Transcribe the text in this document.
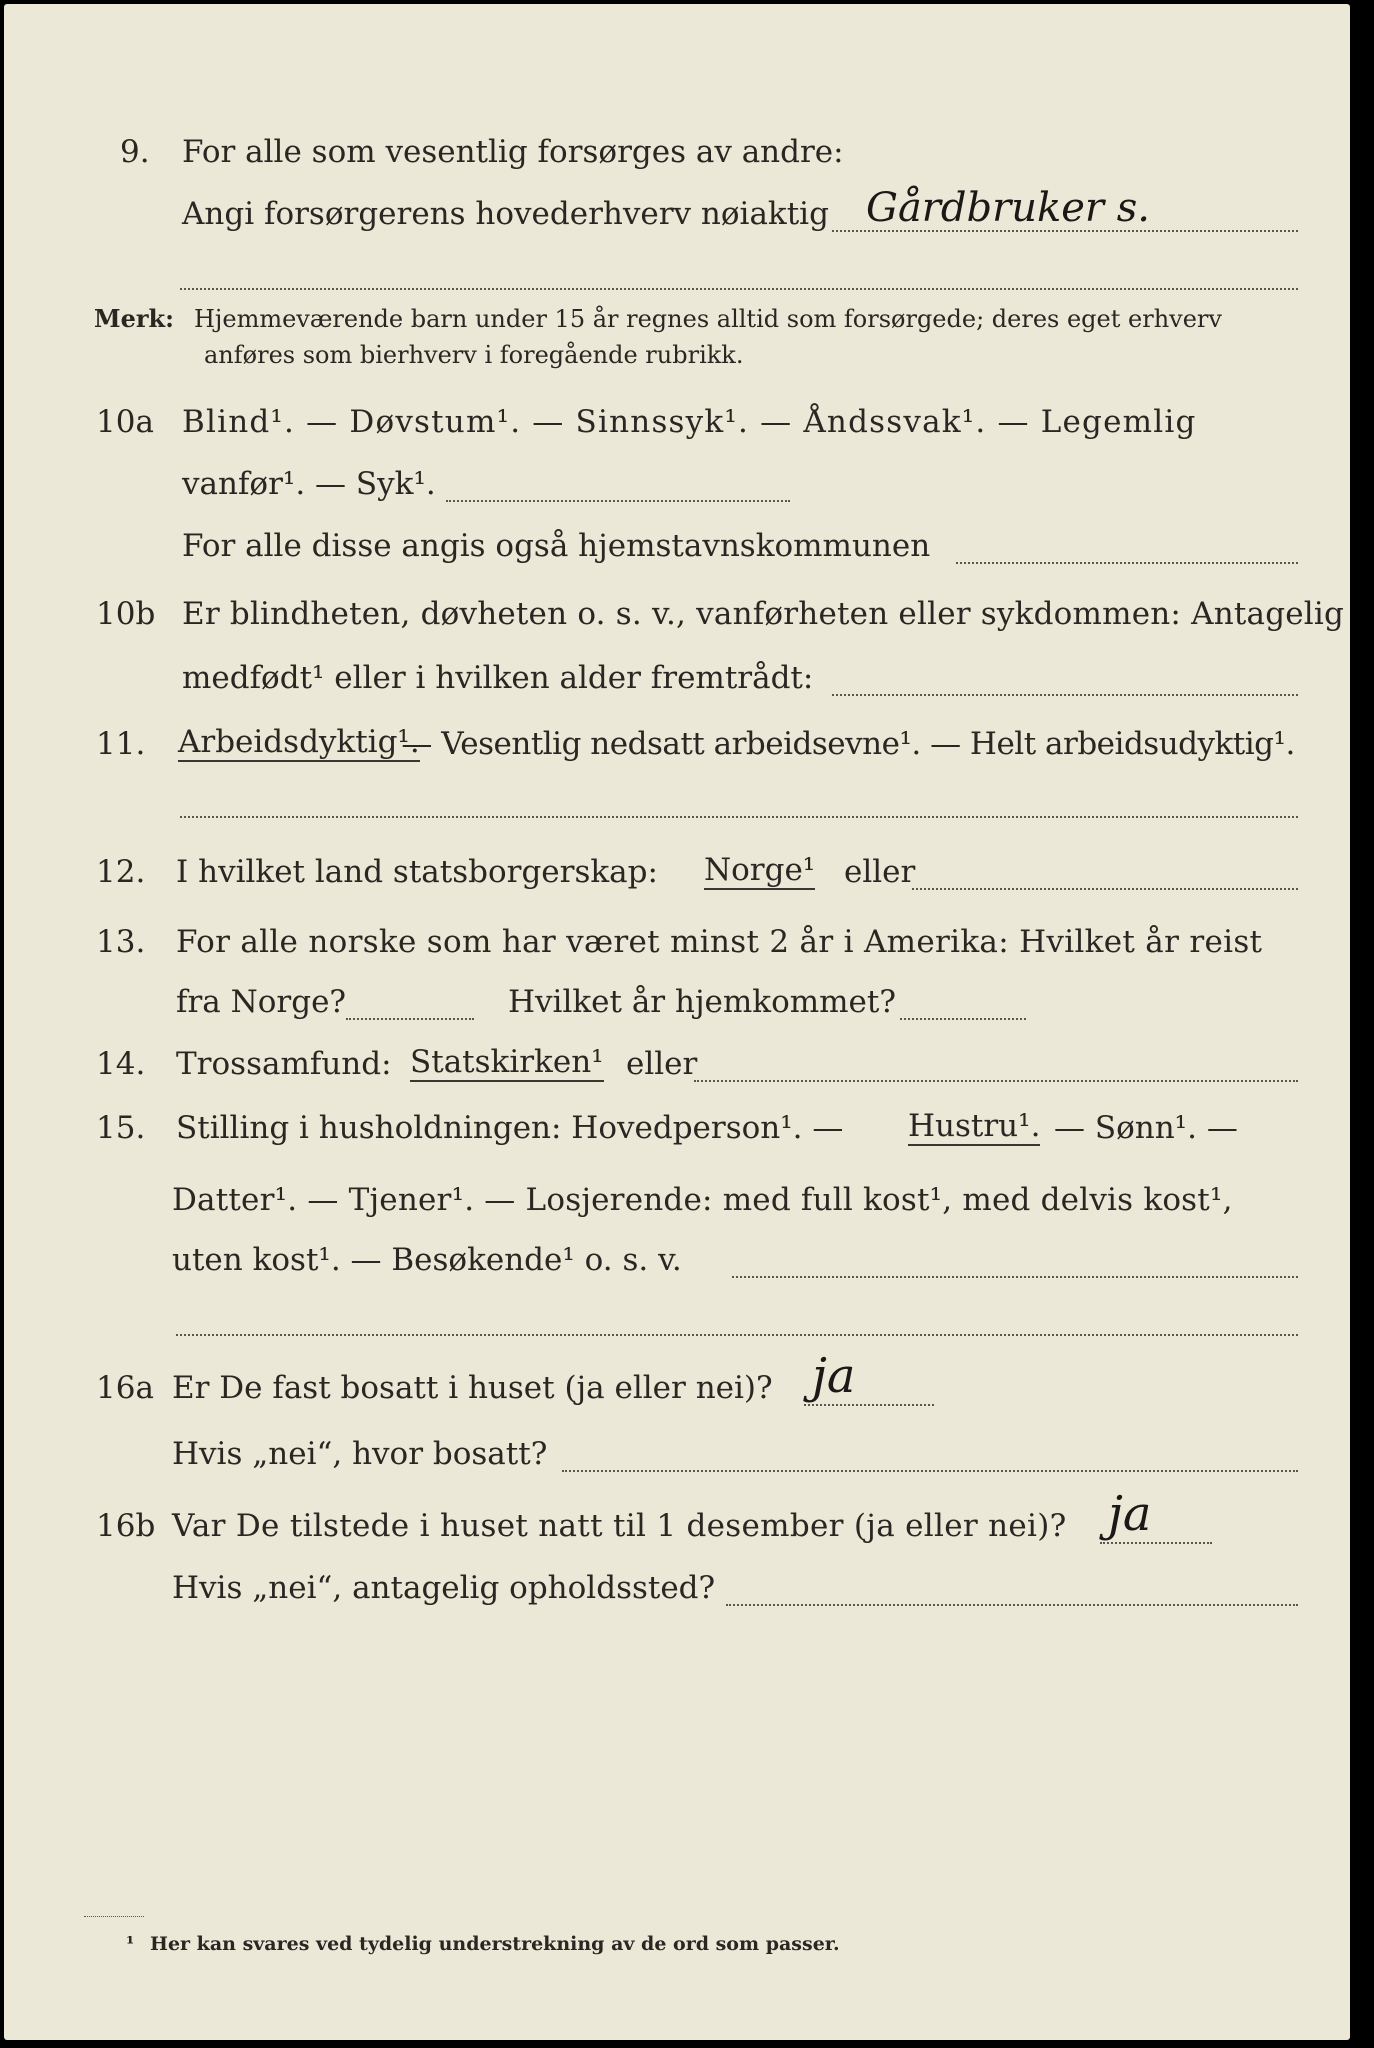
9. For alle som vesentlig forsørges av andre:
Angi forsørgerens hovederhverv nøiaktig Gårdbruker s.
Merk: Hjemmeværende barn under 15 år regnes alltid som forsørgede; deres eget erhverv
anføres som bierhverv i foregående rubrikk.
10a Blind¹. — Døvstum¹. — Sinnssyk¹. — Åndssvak¹. — Legemlig
vanfør¹. — Syk¹.
For alle disse angis også hjemstavnskommunen
10b Er blindheten, døvheten o. s. v., vanførheten eller sykdommen: Antagelig
medfødt¹ eller i hvilken alder fremtrådt:
11. Arbeidsdyktig¹.
— Vesentlig nedsatt arbeidsevne¹. — Helt arbeidsudyktig¹.
12. I hvilket land statsborgerskap: Norge¹ eller
13. For alle norske som har været minst 2 år i Amerika: Hvilket år reist
fra Norge?	Hvilket år hjemkommet?
14. Trossamfund: Statskirken¹ eller
15. Stilling i husholdningen: Hovedperson¹. — Hustru¹. — Sønn¹. —
Datter¹. — Tjener¹. — Losjerende: med full kost¹, med delvis kost¹,
uten kost¹. — Besøkende¹ o. s. v.
16a Er De fast bosatt i huset (ja eller nei)? ja
Hvis „nei“, hvor bosatt?
16b Var De tilstede i huset natt til 1 desember (ja eller nei)? ja
Hvis „nei“, antagelig opholdssted?
¹ Her kan svares ved tydelig understrekning av de ord som passer.
